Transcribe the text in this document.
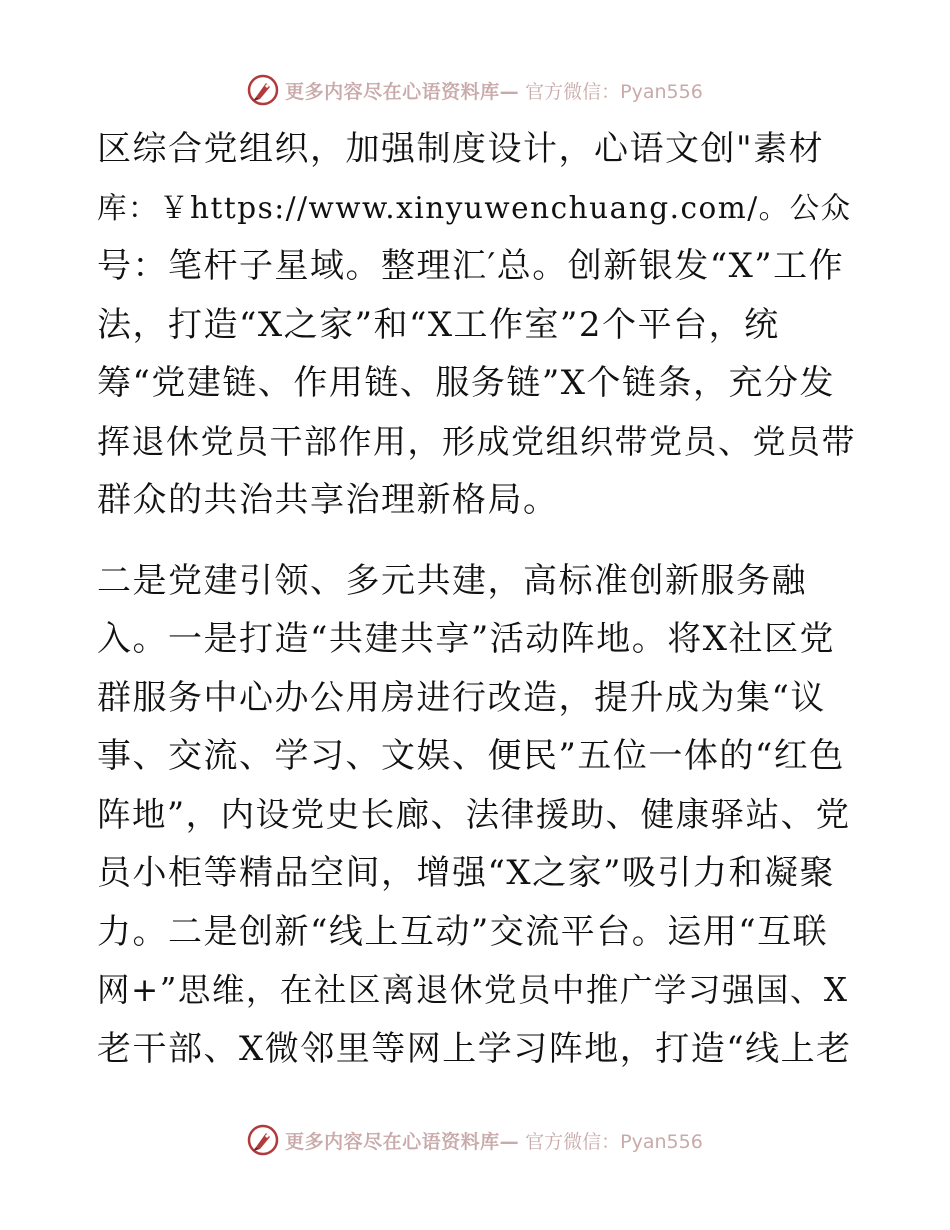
更多内容尽在心语资料库— 官方微信：Pyan556

区综合党组织，加强制度设计，心语文创"素材
库：￥https://www.xinyuwenchuang.com/。公众
号：笔杆子星域。整理汇′总。创新银发“X”工作
法，打造“X之家”和“X工作室”2个平台，统
筹“党建链、作用链、服务链”X个链条，充分发
挥退休党员干部作用，形成党组织带党员、党员带
群众的共治共享治理新格局。

二是党建引领、多元共建，高标准创新服务融
入。一是打造“共建共享”活动阵地。将X社区党
群服务中心办公用房进行改造，提升成为集“议
事、交流、学习、文娱、便民”五位一体的“红色
阵地”，内设党史长廊、法律援助、健康驿站、党
员小柜等精品空间，增强“X之家”吸引力和凝聚
力。二是创新“线上互动”交流平台。运用“互联
网+”思维，在社区离退休党员中推广学习强国、X
老干部、X微邻里等网上学习阵地，打造“线上老

更多内容尽在心语资料库— 官方微信：Pyan556
